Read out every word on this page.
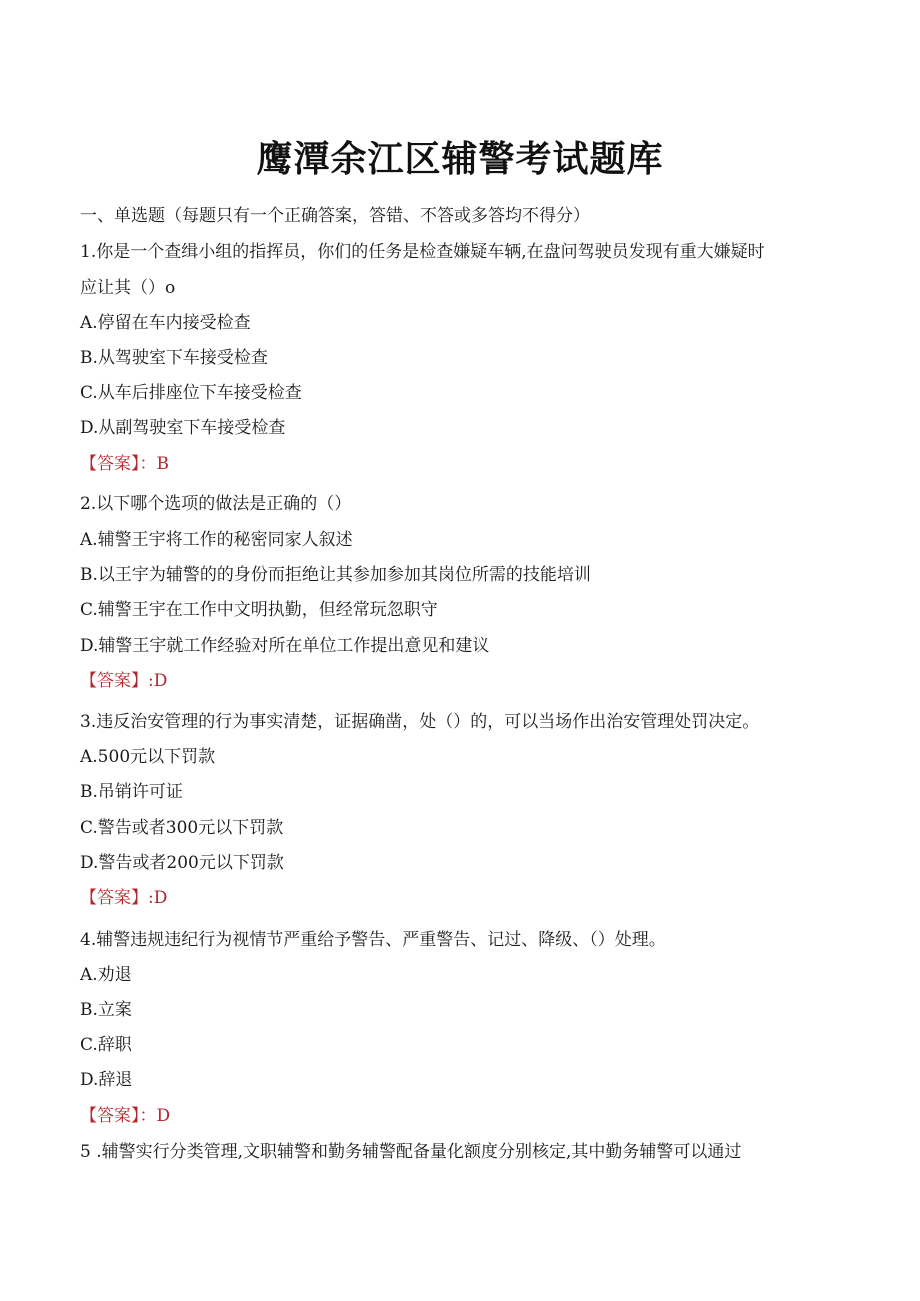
鹰潭余江区辅警考试题库
一、单选题（每题只有一个正确答案，答错、不答或多答均不得分）
1.你是一个查缉小组的指挥员，你们的任务是检查嫌疑车辆,在盘问驾驶员发现有重大嫌疑时
应让其（）o
A.停留在车内接受检查
B.从驾驶室下车接受检查
C.从车后排座位下车接受检查
D.从副驾驶室下车接受检查
【答案】：B
2.以下哪个选项的做法是正确的（）
A.辅警王宇将工作的秘密同家人叙述
B.以王宇为辅警的的身份而拒绝让其参加参加其岗位所需的技能培训
C.辅警王宇在工作中文明执勤，但经常玩忽职守
D.辅警王宇就工作经验对所在单位工作提出意见和建议
【答案】:D
3.违反治安管理的行为事实清楚，证据确凿，处（）的，可以当场作出治安管理处罚决定。
A.500元以下罚款
B.吊销许可证
C.警告或者300元以下罚款
D.警告或者200元以下罚款
【答案】:D
4.辅警违规违纪行为视情节严重给予警告、严重警告、记过、降级、（）处理。
A.劝退
B.立案
C.辞职
D.辞退
【答案】：D
5 .辅警实行分类管理,文职辅警和勤务辅警配备量化额度分别核定,其中勤务辅警可以通过
